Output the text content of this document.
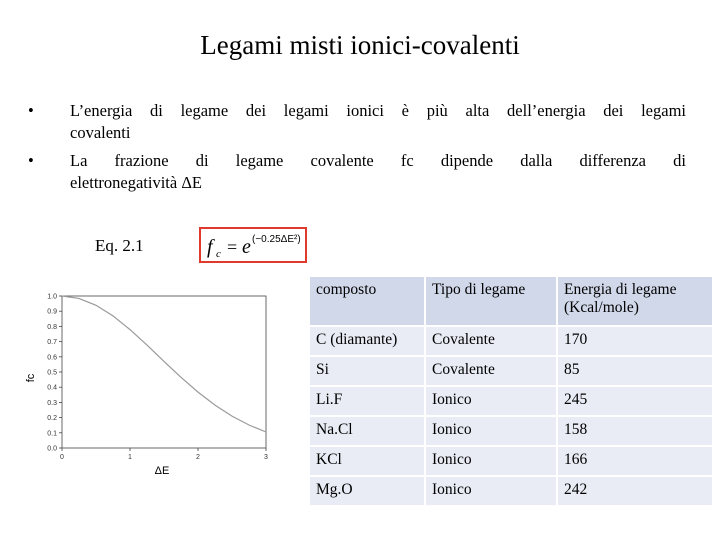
Legami misti ionici-covalenti
• L’energia di legame dei legami ionici è più alta dell’energia dei legami
covalenti
• La frazione di legame covalente fc dipende dalla differenza di
elettronegatività ΔE
Eq. 2.1	f c = e (−0.25ΔE²)
0.0
0.1
0.2
0.3
0.4
0.5
0.6
0.7
0.8
0.9
1.0
0	1	2	3
ΔE
fc
composto	Tipo di legame	Energia di legame (Kcal/mole)
C (diamante)	Covalente	170
Si	Covalente	85
Li.F	Ionico	245
Na.Cl	Ionico	158
KCl	Ionico	166
Mg.O	Ionico	242
